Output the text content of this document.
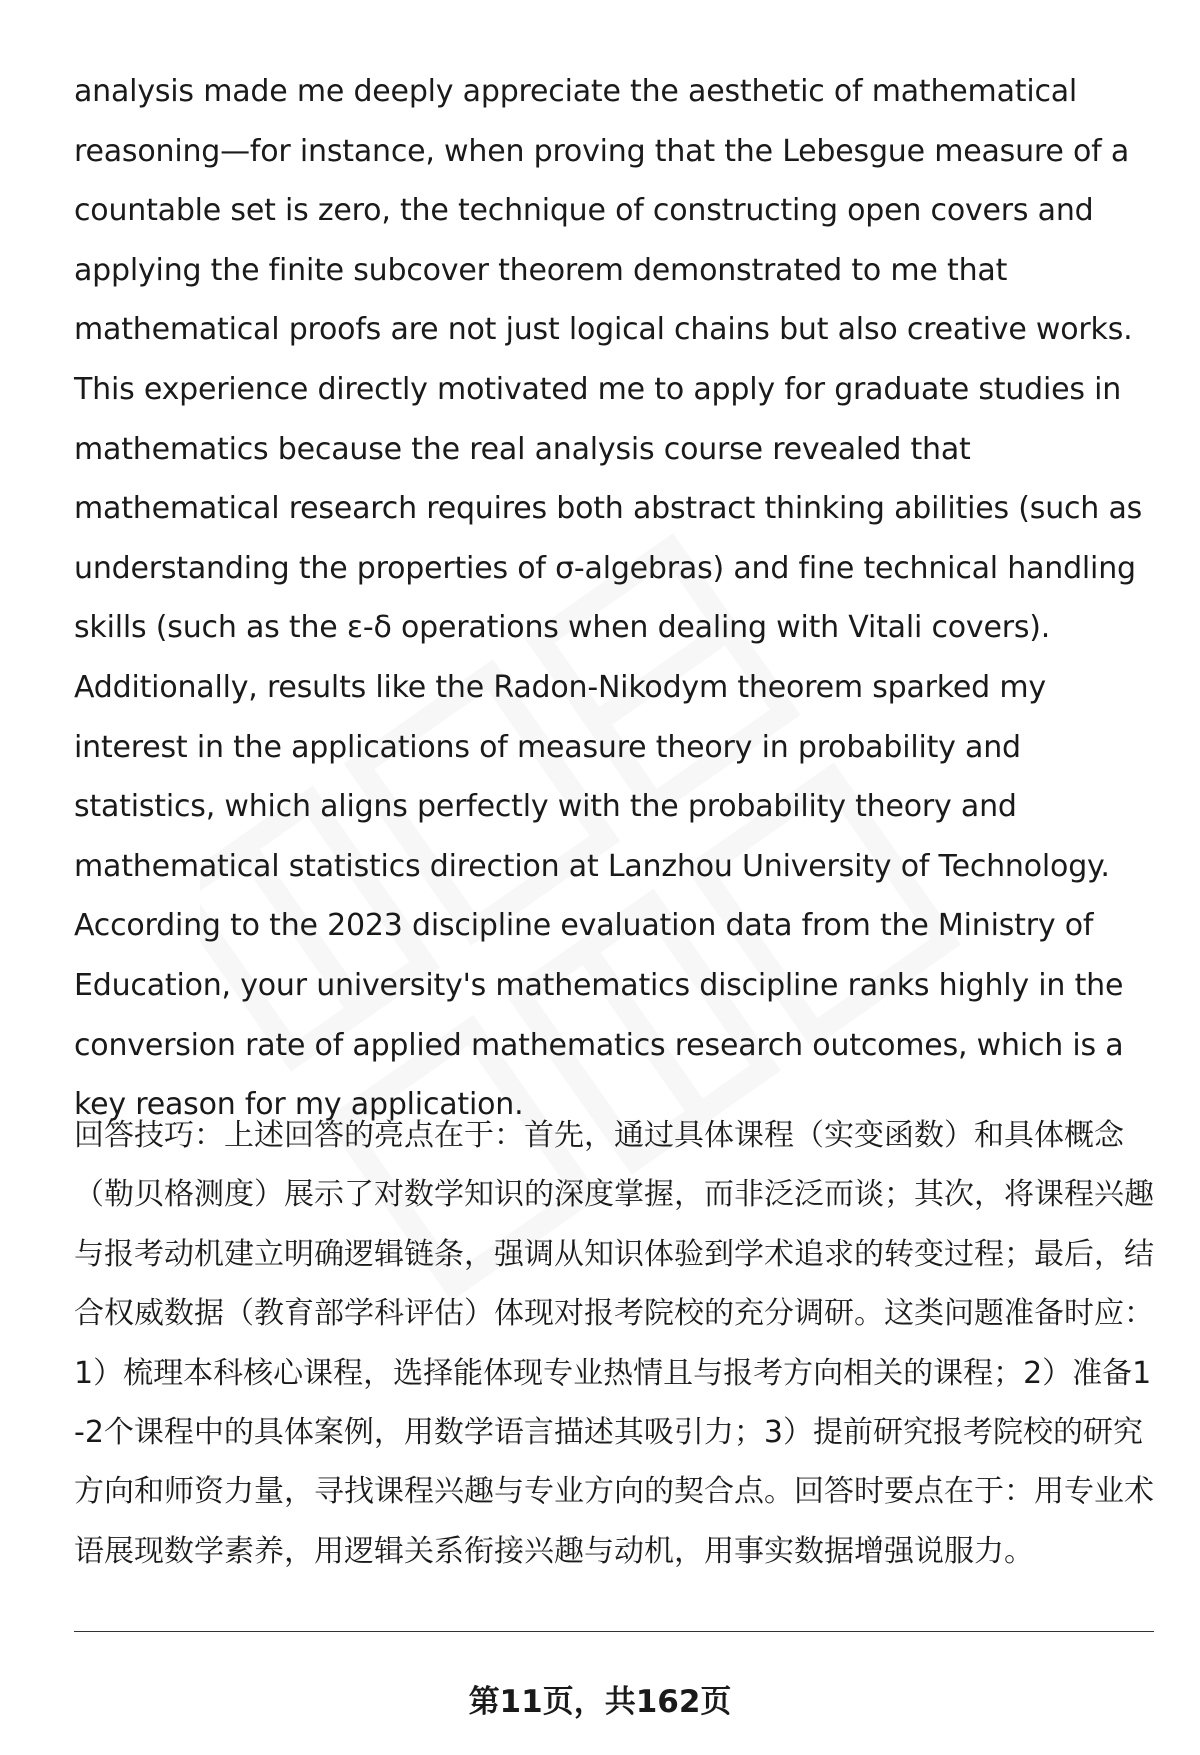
analysis made me deeply appreciate the aesthetic of mathematical reasoning—for instance, when proving that the Lebesgue measure of a countable set is zero, the technique of constructing open covers and applying the finite subcover theorem demonstrated to me that mathematical proofs are not just logical chains but also creative works. This experience directly motivated me to apply for graduate studies in mathematics because the real analysis course revealed that mathematical research requires both abstract thinking abilities (such as understanding the properties of σ-algebras) and fine technical handling skills (such as the ε-δ operations when dealing with Vitali covers). Additionally, results like the Radon-Nikodym theorem sparked my interest in the applications of measure theory in probability and statistics, which aligns perfectly with the probability theory and mathematical statistics direction at Lanzhou University of Technology. According to the 2023 discipline evaluation data from the Ministry of Education, your university's mathematics discipline ranks highly in the conversion rate of applied mathematics research outcomes, which is a key reason for my application.

回答技巧：上述回答的亮点在于：首先，通过具体课程（实变函数）和具体概念（勒贝格测度）展示了对数学知识的深度掌握，而非泛泛而谈；其次，将课程兴趣与报考动机建立明确逻辑链条，强调从知识体验到学术追求的转变过程；最后，结合权威数据（教育部学科评估）体现对报考院校的充分调研。这类问题准备时应：1）梳理本科核心课程，选择能体现专业热情且与报考方向相关的课程；2）准备1-2个课程中的具体案例，用数学语言描述其吸引力；3）提前研究报考院校的研究方向和师资力量，寻找课程兴趣与专业方向的契合点。回答时要点在于：用专业术语展现数学素养，用逻辑关系衔接兴趣与动机，用事实数据增强说服力。

第11页，共162页
